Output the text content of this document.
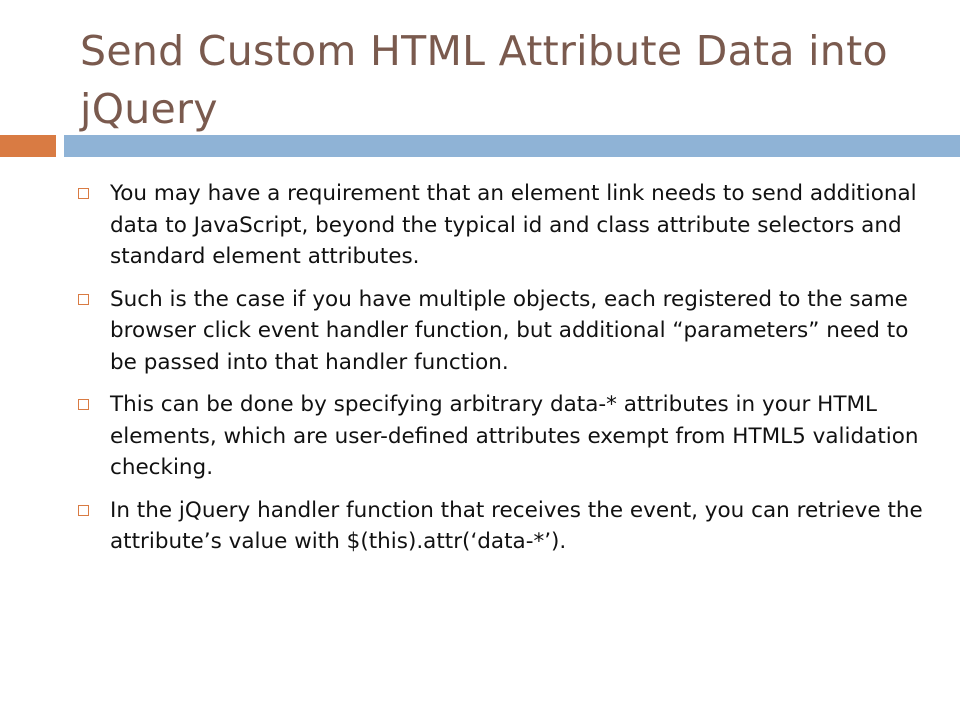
Send Custom HTML Attribute Data into jQuery
You may have a requirement that an element link needs to send additional data to JavaScript, beyond the typical id and class attribute selectors and standard element attributes.
Such is the case if you have multiple objects, each registered to the same browser click event handler function, but additional “parameters” need to be passed into that handler function.
This can be done by specifying arbitrary data-* attributes in your HTML elements, which are user-defined attributes exempt from HTML5 validation checking.
In the jQuery handler function that receives the event, you can retrieve the attribute’s value with $(this).attr(‘data-*’).
